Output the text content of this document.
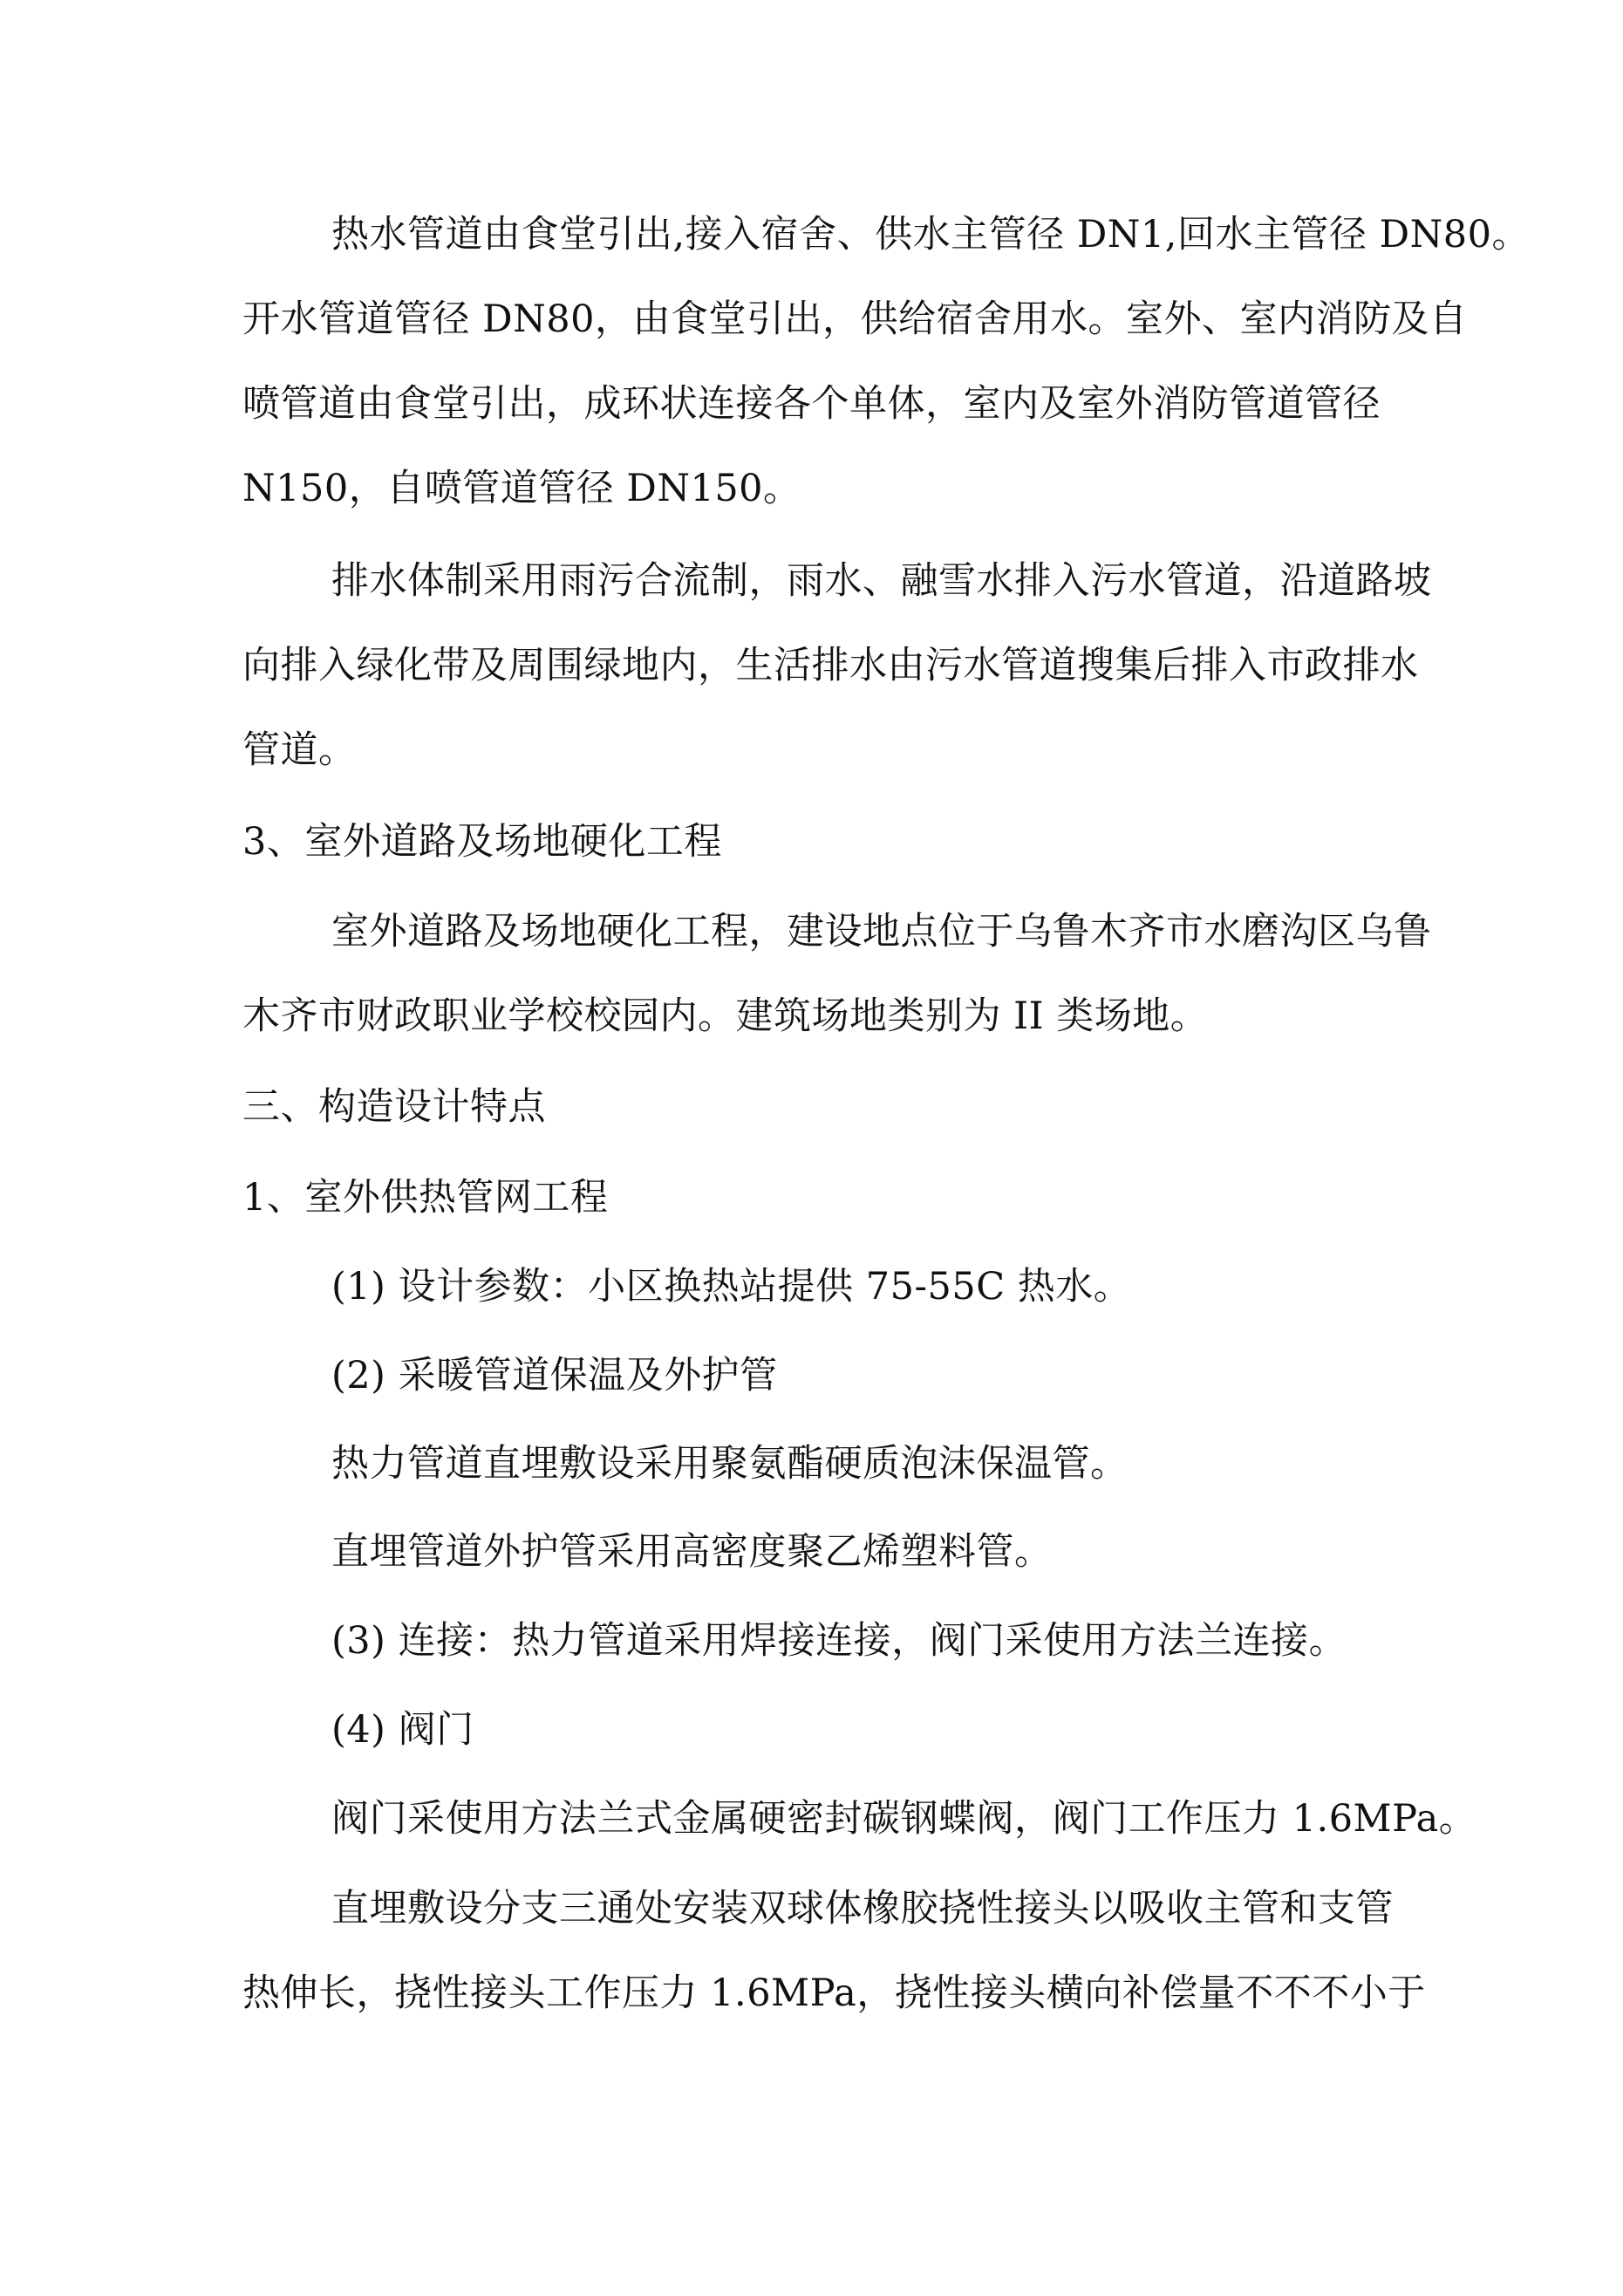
热水管道由食堂引出,接入宿舍、供水主管径 DN1,回水主管径 DN80。
开水管道管径 DN80，由食堂引出，供给宿舍用水。室外、室内消防及自
喷管道由食堂引出，成环状连接各个单体，室内及室外消防管道管径
N150，自喷管道管径 DN150。
排水体制采用雨污合流制，雨水、融雪水排入污水管道，沿道路坡
向排入绿化带及周围绿地内，生活排水由污水管道搜集后排入市政排水
管道。
3、室外道路及场地硬化工程
室外道路及场地硬化工程，建设地点位于乌鲁木齐市水磨沟区乌鲁
木齐市财政职业学校校园内。建筑场地类别为 II 类场地。
三、构造设计特点
1、室外供热管网工程
(1) 设计参数：小区换热站提供 75-55C 热水。
(2) 采暖管道保温及外护管
热力管道直埋敷设采用聚氨酯硬质泡沫保温管。
直埋管道外护管采用高密度聚乙烯塑料管。
(3) 连接：热力管道采用焊接连接，阀门采使用方法兰连接。
(4) 阀门
阀门采使用方法兰式金属硬密封碳钢蝶阀，阀门工作压力 1.6MPa。
直埋敷设分支三通处安装双球体橡胶挠性接头以吸收主管和支管
热伸长，挠性接头工作压力 1.6MPa，挠性接头横向补偿量不不不小于
